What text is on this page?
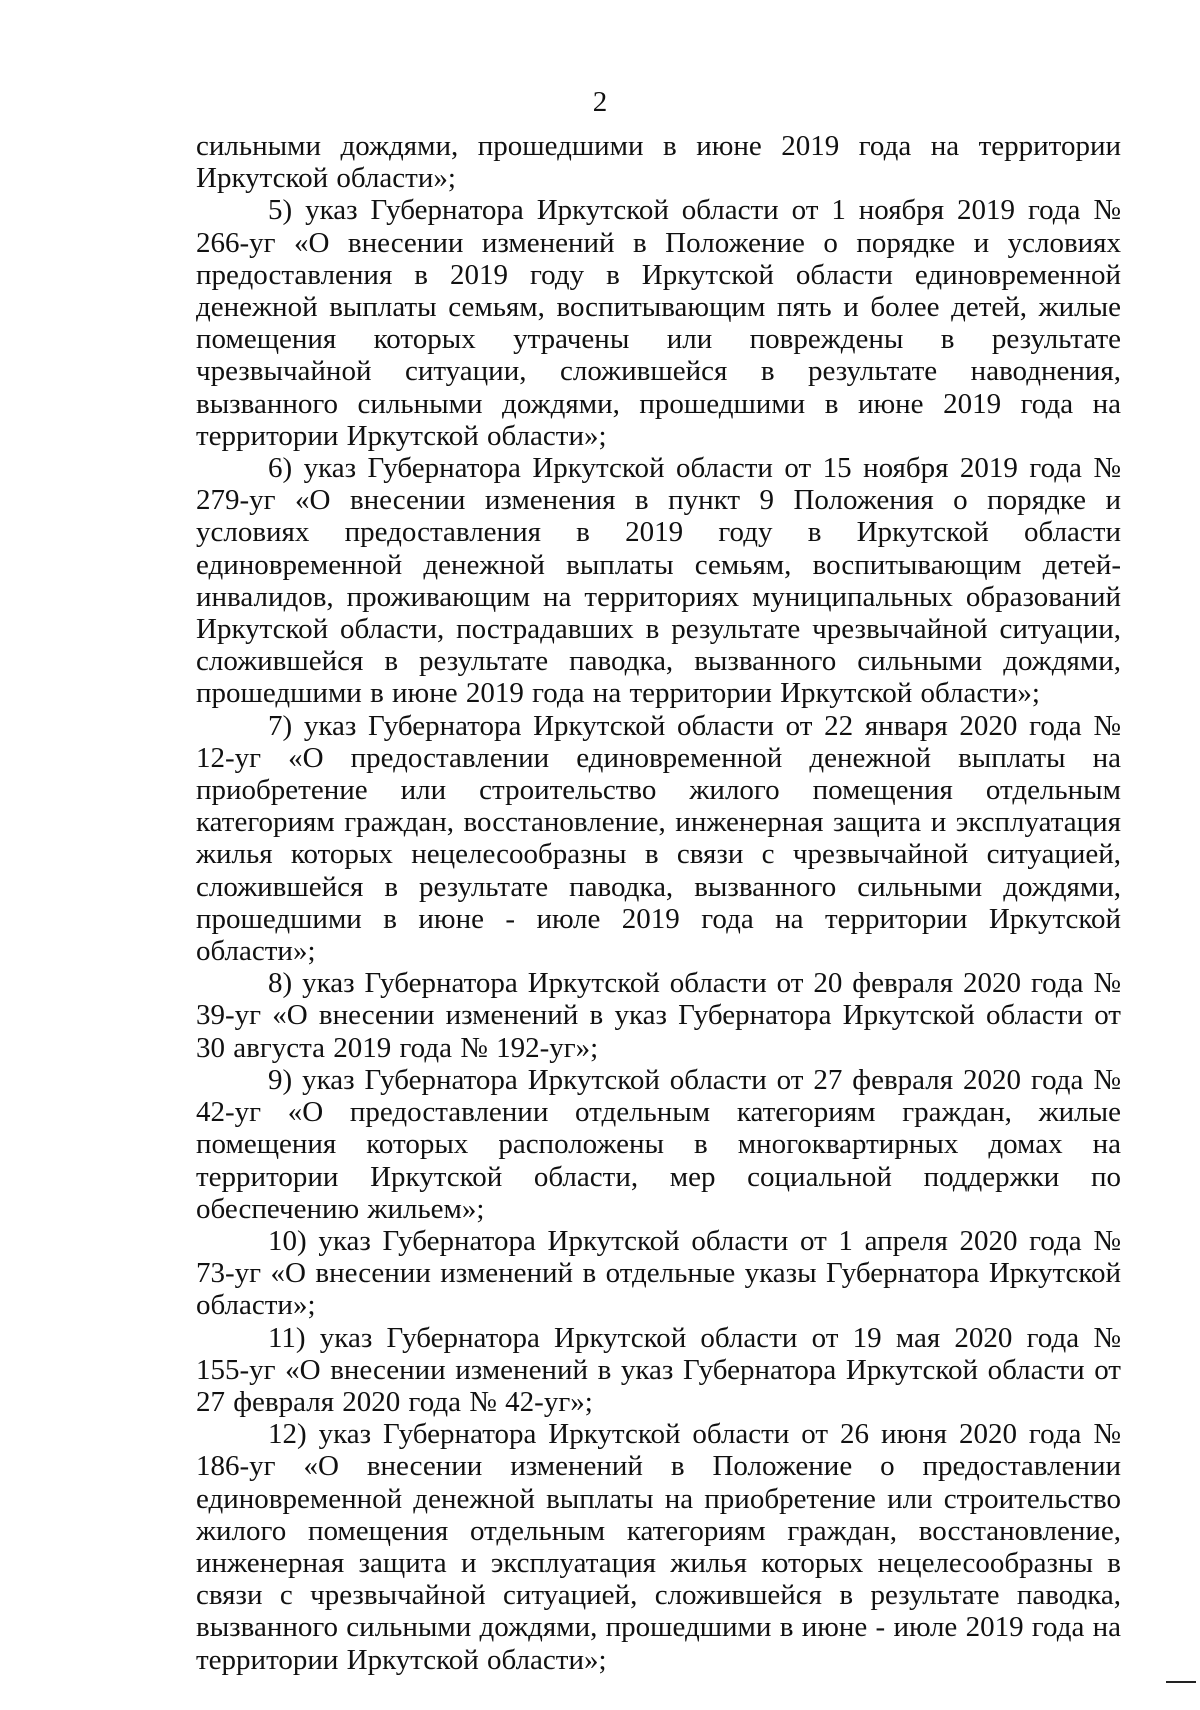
2

сильными дождями, прошедшими в июне 2019 года на территории Иркутской области»;

5) указ Губернатора Иркутской области от 1 ноября 2019 года № 266-уг «О внесении изменений в Положение о порядке и условиях предоставления в 2019 году в Иркутской области единовременной денежной выплаты семьям, воспитывающим пять и более детей, жилые помещения которых утрачены или повреждены в результате чрезвычайной ситуации, сложившейся в результате наводнения, вызванного сильными дождями, прошедшими в июне 2019 года на территории Иркутской области»;

6) указ Губернатора Иркутской области от 15 ноября 2019 года № 279-уг «О внесении изменения в пункт 9 Положения о порядке и условиях предоставления в 2019 году в Иркутской области единовременной денежной выплаты семьям, воспитывающим детей-инвалидов, проживающим на территориях муниципальных образований Иркутской области, пострадавших в результате чрезвычайной ситуации, сложившейся в результате паводка, вызванного сильными дождями, прошедшими в июне 2019 года на территории Иркутской области»;

7) указ Губернатора Иркутской области от 22 января 2020 года № 12-уг «О предоставлении единовременной денежной выплаты на приобретение или строительство жилого помещения отдельным категориям граждан, восстановление, инженерная защита и эксплуатация жилья которых нецелесообразны в связи с чрезвычайной ситуацией, сложившейся в результате паводка, вызванного сильными дождями, прошедшими в июне - июле 2019 года на территории Иркутской области»;

8) указ Губернатора Иркутской области от 20 февраля 2020 года № 39-уг «О внесении изменений в указ Губернатора Иркутской области от 30 августа 2019 года № 192-уг»;

9) указ Губернатора Иркутской области от 27 февраля 2020 года № 42-уг «О предоставлении отдельным категориям граждан, жилые помещения которых расположены в многоквартирных домах на территории Иркутской области, мер социальной поддержки по обеспечению жильем»;

10) указ Губернатора Иркутской области от 1 апреля 2020 года № 73-уг «О внесении изменений в отдельные указы Губернатора Иркутской области»;

11) указ Губернатора Иркутской области от 19 мая 2020 года № 155-уг «О внесении изменений в указ Губернатора Иркутской области от 27 февраля 2020 года № 42-уг»;

12) указ Губернатора Иркутской области от 26 июня 2020 года № 186-уг «О внесении изменений в Положение о предоставлении единовременной денежной выплаты на приобретение или строительство жилого помещения отдельным категориям граждан, восстановление, инженерная защита и эксплуатация жилья которых нецелесообразны в связи с чрезвычайной ситуацией, сложившейся в результате паводка, вызванного сильными дождями, прошедшими в июне - июле 2019 года на территории Иркутской области»;
